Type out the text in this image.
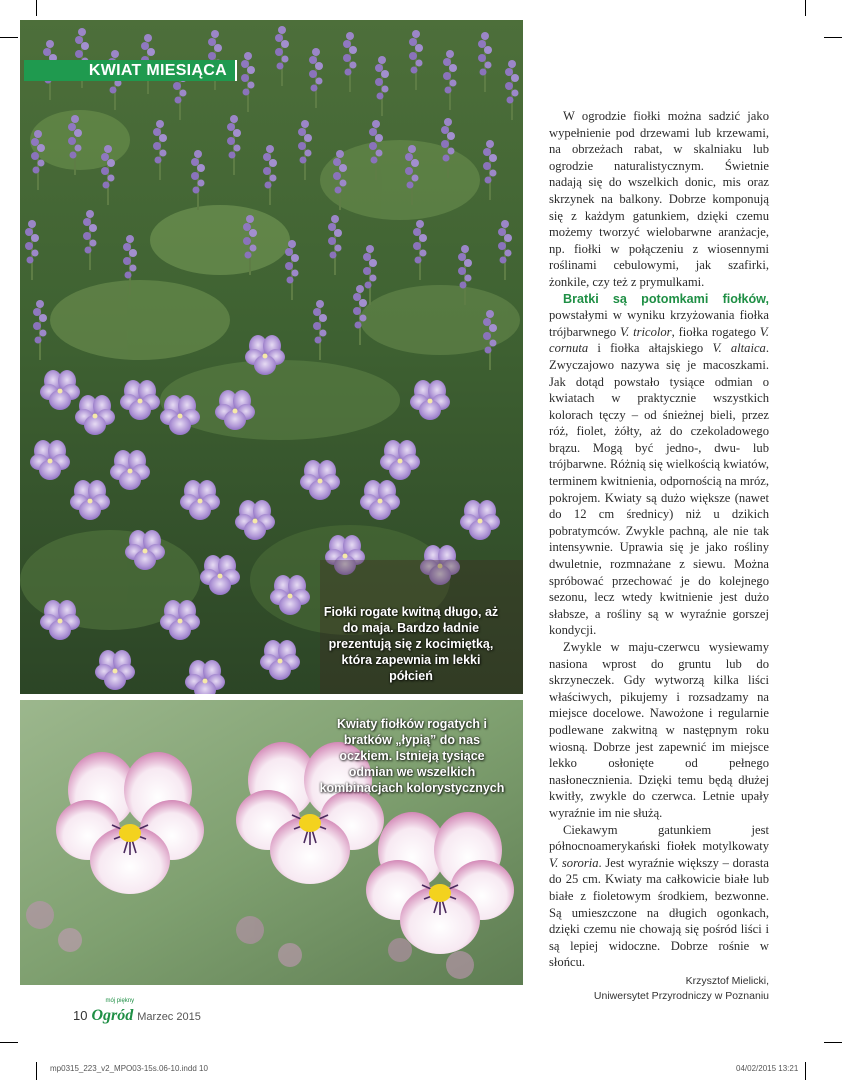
KWIAT MIESIĄCA
Fiołki rogate kwitną długo, aż do maja. Bardzo ładnie prezentują się z kocimiętką, która zapewnia im lekki półcień
Kwiaty fiołków rogatych i bratków „łypią” do nas oczkiem. Istnieją tysiące odmian we wszelkich kombinacjach kolorystycznych

W ogrodzie fiołki można sadzić jako wypełnienie pod drzewami lub krzewami, na obrzeżach rabat, w skalniaku lub ogrodzie naturalistycznym. Świetnie nadają się do wszelkich donic, mis oraz skrzynek na balkony. Dobrze komponują się z każdym gatunkiem, dzięki czemu możemy tworzyć wielobarwne aranżacje, np. fiołki w połączeniu z wiosennymi roślinami cebulowymi, jak szafirki, żonkile, czy też z prymulkami.

Bratki są potomkami fiołków, powstałymi w wyniku krzyżowania fiołka trójbarwnego V. tricolor, fiołka rogatego V. cornuta i fiołka ałtajskiego V. altaica. Zwyczajowo nazywa się je macoszkami. Jak dotąd powstało tysiące odmian o kwiatach w praktycznie wszystkich kolorach tęczy – od śnieżnej bieli, przez róż, fiolet, żółty, aż do czekoladowego brązu. Mogą być jedno-, dwu- lub trójbarwne. Różnią się wielkością kwiatów, terminem kwitnienia, odpornością na mróz, pokrojem. Kwiaty są dużo większe (nawet do 12 cm średnicy) niż u dzikich pobratymców. Zwykle pachną, ale nie tak intensywnie. Uprawia się je jako rośliny dwuletnie, rozmnażane z siewu. Można spróbować przechować je do kolejnego sezonu, lecz wtedy kwitnienie jest dużo słabsze, a rośliny są w wyraźnie gorszej kondycji.

Zwykle w maju-czerwcu wysiewamy nasiona wprost do gruntu lub do skrzyneczek. Gdy wytworzą kilka liści właściwych, pikujemy i rozsadzamy na miejsce docelowe. Nawożone i regularnie podlewane zakwitną w następnym roku wiosną. Dobrze jest zapewnić im miejsce lekko osłonięte od pełnego nasłonecznienia. Dzięki temu będą dłużej kwitły, zwykle do czerwca. Letnie upały wyraźnie im nie służą.

Ciekawym gatunkiem jest północnoamerykański fiołek motylkowaty V. sororia. Jest wyraźnie większy – dorasta do 25 cm. Kwiaty ma całkowicie białe lub białe z fioletowym środkiem, bezwonne. Są umieszczone na długich ogonkach, dzięki czemu nie chowają się pośród liści i są lepiej widoczne. Dobrze rośnie w słońcu.

Krzysztof Mielicki,
Uniwersytet Przyrodniczy w Poznaniu
10
mój piękny
Ogród Marzec 2015
mp0315_223_v2_MPO03-15s.06-10.indd 10	04/02/2015 13:21
